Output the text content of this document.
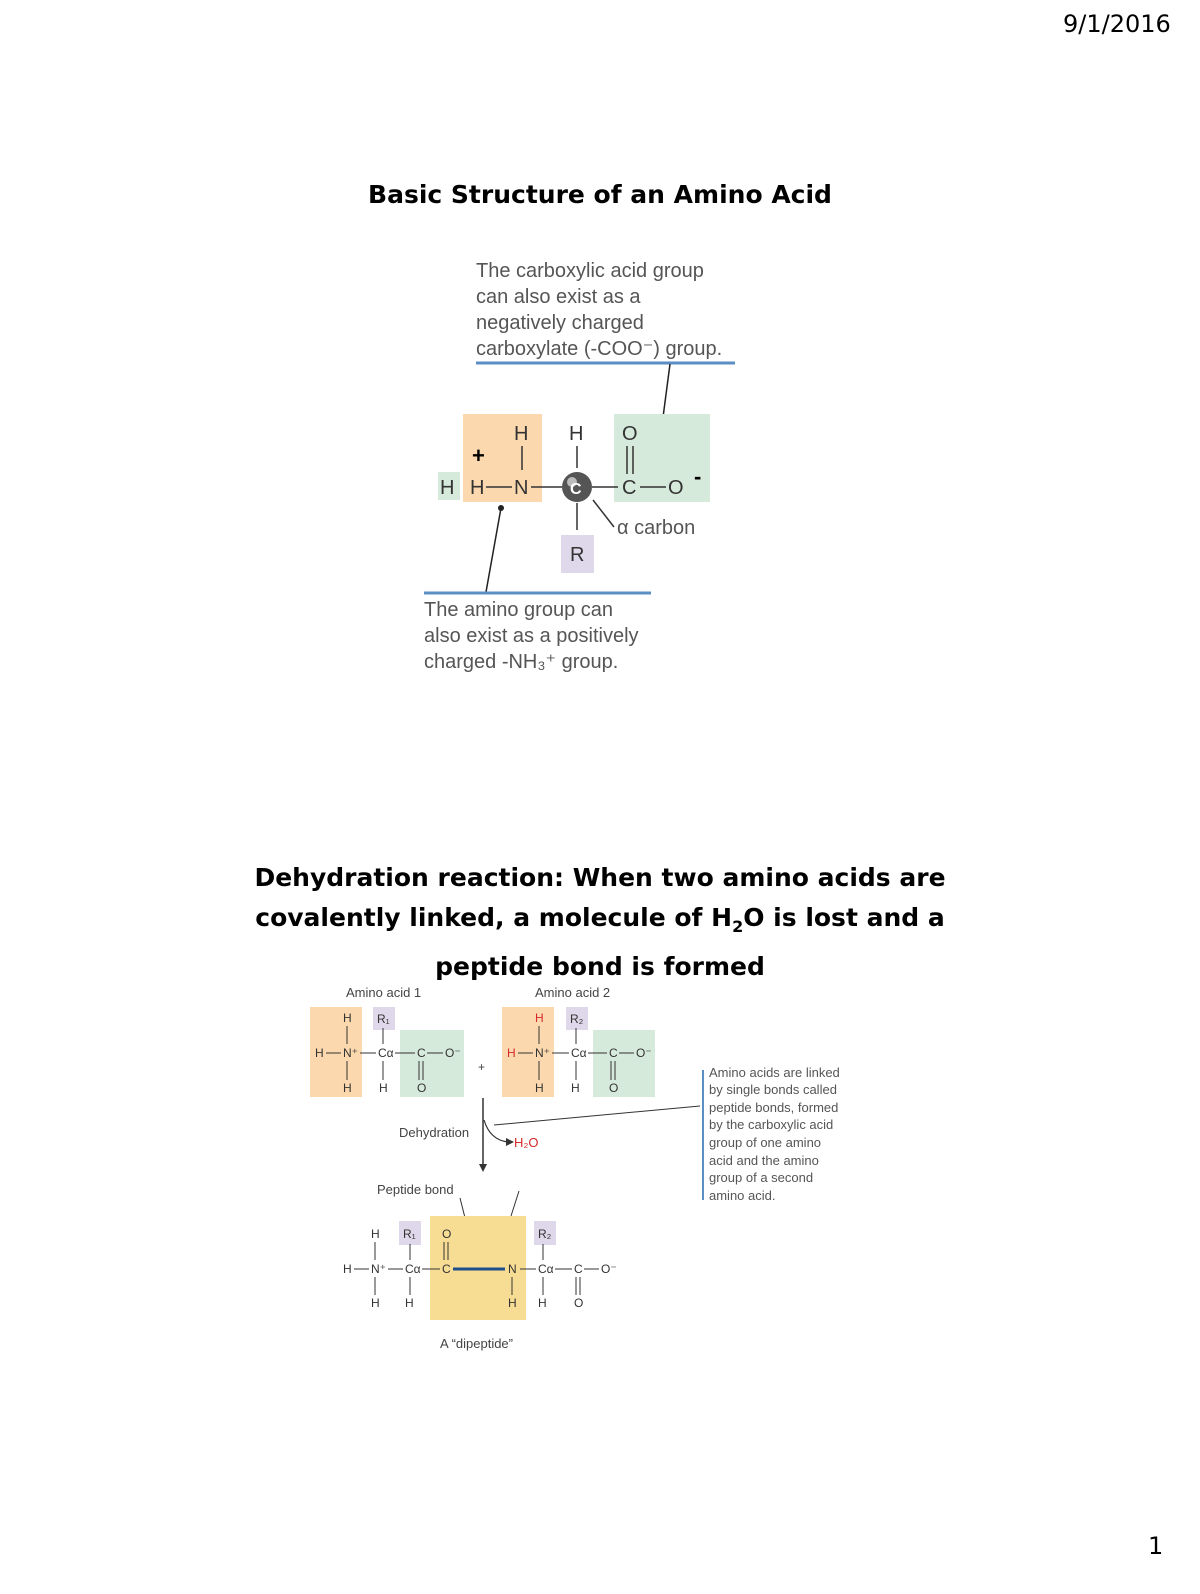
9/1/2016
1
Basic Structure of an Amino Acid
The carboxylic acid group
can also exist as a
negatively charged
carboxylate (-COO⁻) group.
H H O
+
H H N	C C O -
R
α carbon
The amino group can
also exist as a positively
charged -NH₃⁺ group.
Dehydration reaction: When two amino acids are
covalently linked, a molecule of $H_2O$ is lost and a
peptide bond is formed
Amino acid 1	Amino acid 2
H R₁
H N⁺ Cα C O⁻
H H O
+
H R₂
H N⁺ Cα C O⁻
H H O
Dehydration
H₂O
Amino acids are linked
by single bonds called
peptide bonds, formed
by the carboxylic acid
group of one amino
acid and the amino
group of a second
amino acid.
Peptide bond
H R₁ O	R₂
H N⁺ Cα C	N Cα C O⁻
H H	H H O
A “dipeptide”
